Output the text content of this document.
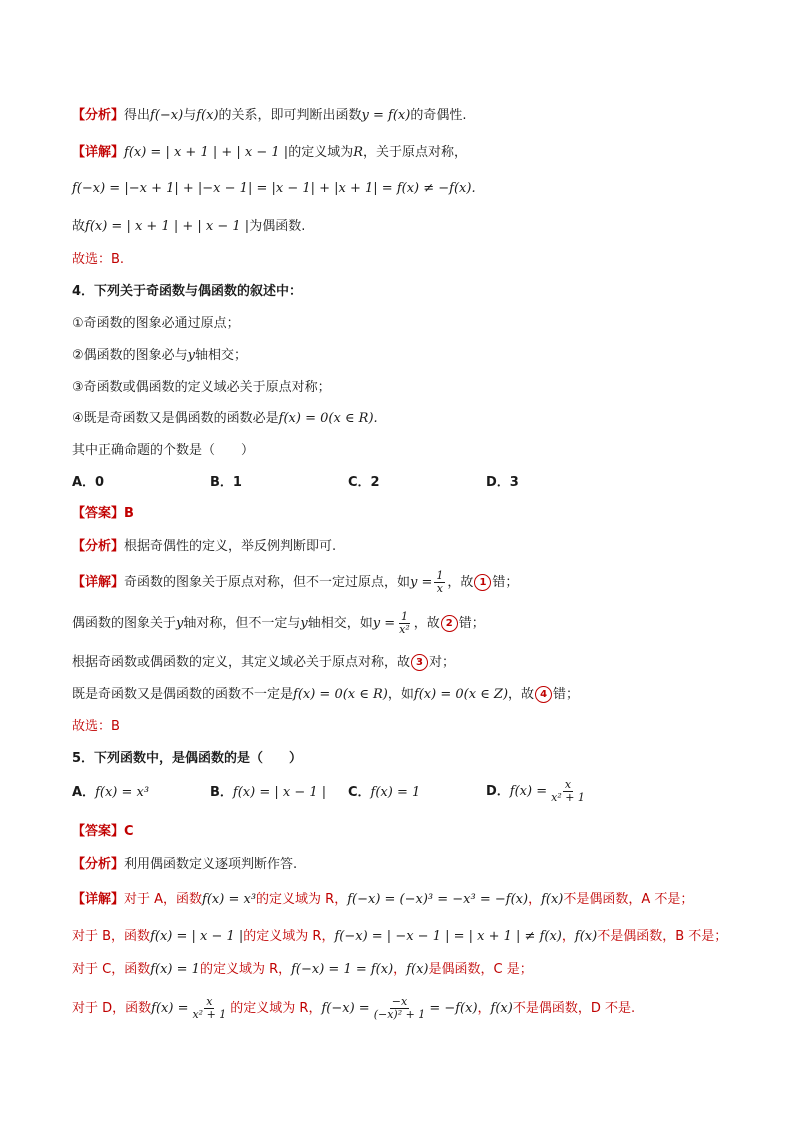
【分析】得出f(−x)与f(x)的关系，即可判断出函数y = f(x)的奇偶性.
【详解】f(x) = | x + 1 | + | x − 1 |的定义域为R，关于原点对称，
f(−x) = |−x + 1| + |−x − 1| = |x − 1| + |x + 1| = f(x) ≠ −f(x).
故f(x) = | x + 1 | + | x − 1 |为偶函数.
故选：B.
4．下列关于奇函数与偶函数的叙述中：
①奇函数的图象必通过原点；
②偶函数的图象必与y轴相交；
③奇函数或偶函数的定义域必关于原点对称；
④既是奇函数又是偶函数的函数必是f(x) = 0(x ∈ R).
其中正确命题的个数是（　　）
A．0	B．1	C．2	D．3
【答案】B
【分析】根据奇偶性的定义，举反例判断即可.
【详解】奇函数的图象关于原点对称，但不一定过原点，如$y = \frac{1}{x}$ ，故 1 错；
偶函数的图象关于y轴对称，但不一定与y轴相交，如$y = \frac{1}{\text{x²}}$ ，故 2 错；
根据奇函数或偶函数的定义，其定义域必关于原点对称，故 3 对；
既是奇函数又是偶函数的函数不一定是f(x) = 0(x ∈ R)，如f(x) = 0(x ∈ Z)，故 4 错；
故选：B
5．下列函数中，是偶函数的是（　　）
A．f(x) = x³	B．f(x) = | x − 1 | C．f(x) = 1	D．$f(x) = \frac{x}{\text{x² + 1}}$
【答案】C
【分析】利用偶函数定义逐项判断作答.
【详解】对于 A，函数f(x) = x³的定义域为 R，f(−x) = (−x)³ = −x³ = −f(x)，f(x)不是偶函数，A 不是；
对于 B，函数f(x) = | x − 1 |的定义域为 R，f(−x) = | −x − 1 | = | x + 1 | ≠ f(x)，f(x)不是偶函数，B 不是；
对于 C，函数f(x) = 1的定义域为 R，f(−x) = 1 = f(x)，f(x)是偶函数，C 是；
对于 D，函数$f(x) = \frac{x}{\text{x² + 1}}$ 的定义域为 R，$f(-x) = \frac{-x}{\text{(−x)² + 1}} = -f(x)$，f(x)不是偶函数，D 不是.
